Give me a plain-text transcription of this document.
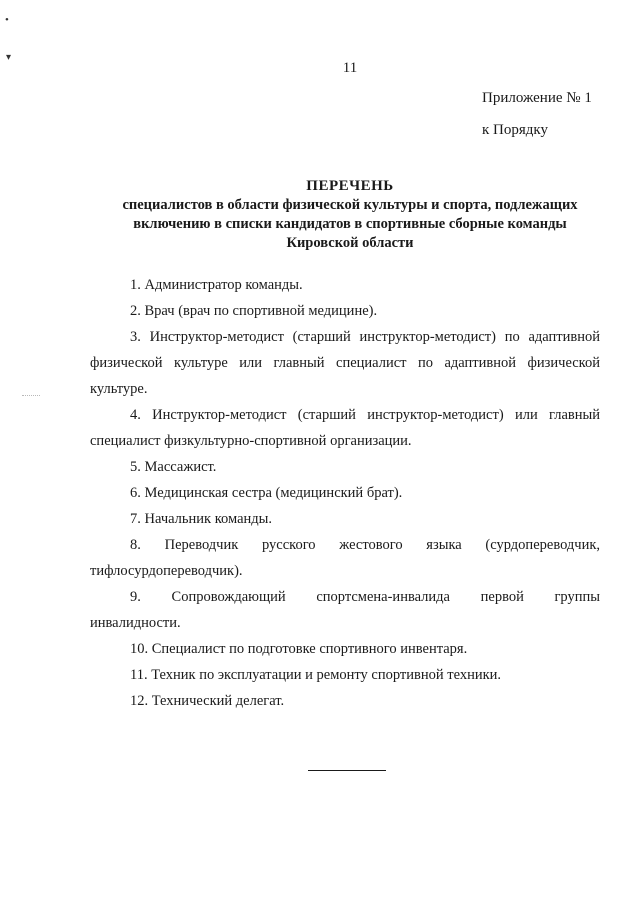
•
▾
11
Приложение № 1
к Порядку
ПЕРЕЧЕНЬ
специалистов в области физической культуры и спорта, подлежащих
включению в списки кандидатов в спортивные сборные команды
Кировской области

1. Администратор команды.

2. Врач (врач по спортивной медицине).

3. Инструктор-методист (старший инструктор-методист) по адаптивной

физической культуре или главный специалист по адаптивной физической

культуре.

4. Инструктор-методист (старший инструктор-методист) или главный

специалист физкультурно-спортивной организации.

5. Массажист.

6. Медицинская сестра (медицинский брат).

7. Начальник команды.

8. Переводчик русского жестового языка (сурдопереводчик,

тифлосурдопереводчик).

9. Сопровождающий спортсмена-инвалида первой группы

инвалидности.

10. Специалист по подготовке спортивного инвентаря.

11. Техник по эксплуатации и ремонту спортивной техники.

12. Технический делегат.
